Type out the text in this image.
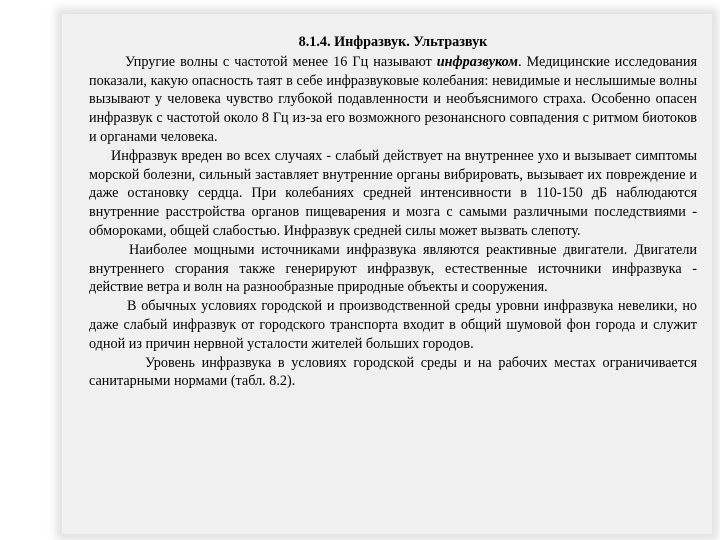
8.1.4. Инфразвук. Ультразвук

Упругие волны с частотой менее 16 Гц называют инфразвуком. Медицинские исследования показали, какую опасность таят в себе инфразвуковые колебания: невидимые и неслышимые волны вызывают у человека чувство глубокой подавленности и необъяснимого страха. Особенно опасен инфразвук с частотой около 8 Гц из-за его возможного резонансного совпадения с ритмом биотоков и органами человека.

Инфразвук вреден во всех случаях - слабый действует на внутреннее ухо и вызывает симптомы морской болезни, сильный заставляет внутренние органы вибрировать, вызывает их повреждение и даже остановку сердца. При колебаниях средней интенсивности в 110-150 дБ наблюдаются внутренние расстройства органов пищеварения и мозга с самыми различными последствиями - обмороками, общей слабостью. Инфразвук средней силы может вызвать слепоту.

Наиболее мощными источниками инфразвука являются реактивные двигатели. Двигатели внутреннего сгорания также генерируют инфразвук, естественные источники инфразвука - действие ветра и волн на разнообразные природные объекты и сооружения.

В обычных условиях городской и производственной среды уровни инфразвука невелики, но даже слабый инфразвук от городского транспорта входит в общий шумовой фон города и служит одной из причин нервной усталости жителей больших городов.

Уровень инфразвука в условиях городской среды и на рабочих местах ограничивается санитарными нормами (табл. 8.2).
